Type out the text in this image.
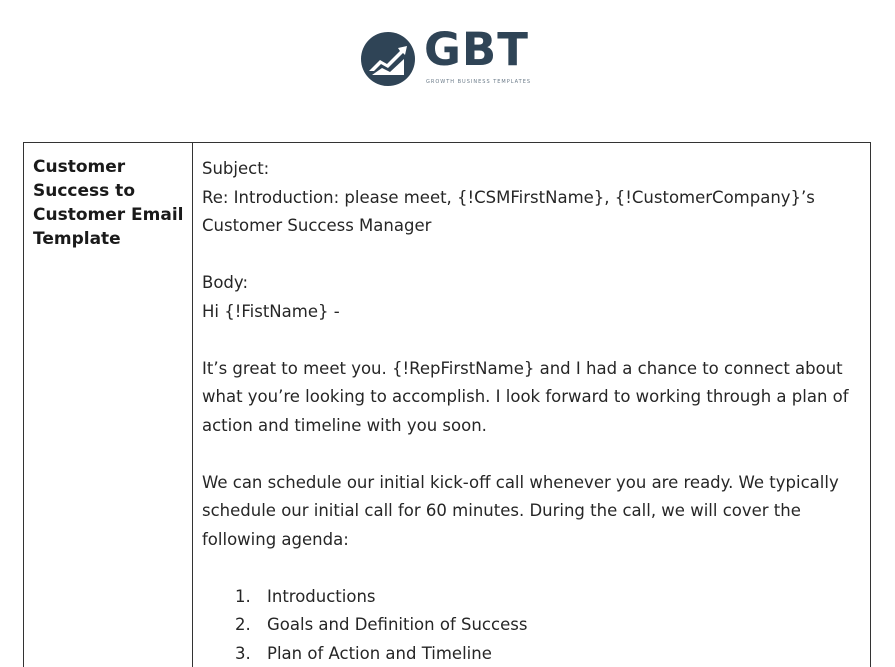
GBT
GROWTH BUSINESS TEMPLATES
Customer Success to Customer Email Template

Subject:

Re: Introduction: please meet, {!CSMFirstName}, {!CustomerCompany}’s Customer Success Manager

Body:

Hi {!FistName} -

It’s great to meet you. {!RepFirstName} and I had a chance to connect about what you’re looking to accomplish. I look forward to working through a plan of action and timeline with you soon.

We can schedule our initial kick-off call whenever you are ready. We typically schedule our initial call for 60 minutes. During the call, we will cover the following agenda:

1. Introductions
2. Goals and Definition of Success
3. Plan of Action and Timeline
